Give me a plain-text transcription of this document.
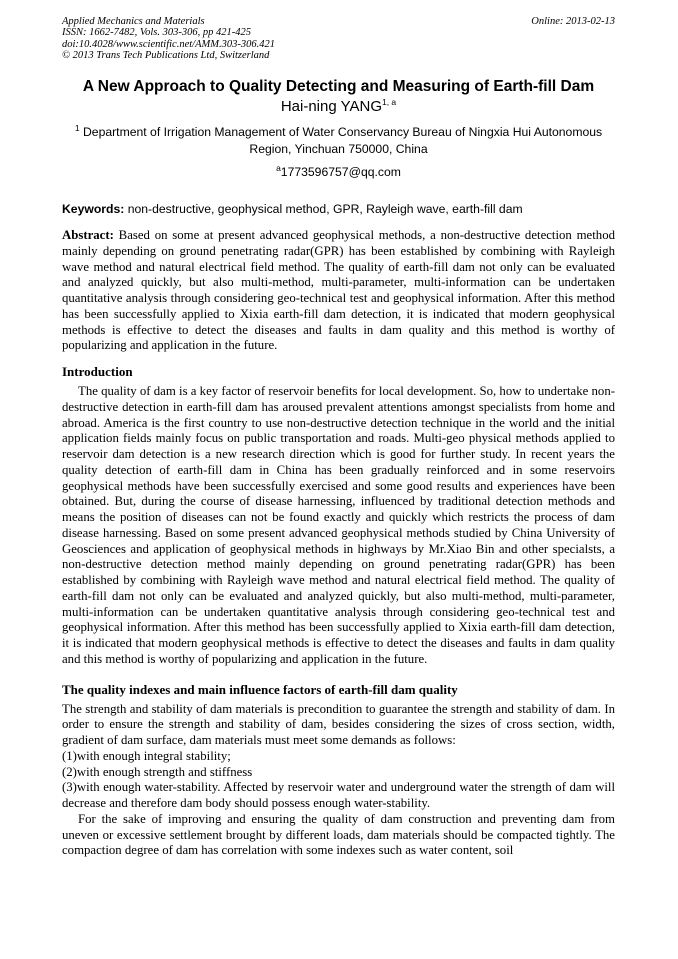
Applied Mechanics and Materials
ISSN: 1662-7482, Vols. 303-306, pp 421-425
doi:10.4028/www.scientific.net/AMM.303-306.421
© 2013 Trans Tech Publications Ltd, Switzerland
Online: 2013-02-13
A New Approach to Quality Detecting and Measuring of Earth-fill Dam
Hai-ning YANG$^{1, a}$
$^1$ Department of Irrigation Management of Water Conservancy Bureau of Ningxia Hui Autonomous Region, Yinchuan 750000, China
$^a$1773596757@qq.com
Keywords: non-destructive, geophysical method, GPR, Rayleigh wave, earth-fill dam
Abstract: Based on some at present advanced geophysical methods, a non-destructive detection method mainly depending on ground penetrating radar(GPR) has been established by combining with Rayleigh wave method and natural electrical field method. The quality of earth-fill dam not only can be evaluated and analyzed quickly, but also multi-method, multi-parameter, multi-information can be undertaken quantitative analysis through considering geo-technical test and geophysical information. After this method has been successfully applied to Xixia earth-fill dam detection, it is indicated that modern geophysical methods is effective to detect the diseases and faults in dam quality and this method is worthy of popularizing and application in the future.
Introduction

The quality of dam is a key factor of reservoir benefits for local development. So, how to undertake non-destructive detection in earth-fill dam has aroused prevalent attentions amongst specialists from home and abroad. America is the first country to use non-destructive detection technique in the world and the initial application fields mainly focus on public transportation and roads. Multi-geo physical methods applied to reservoir dam detection is a new research direction which is good for further study. In recent years the quality detection of earth-fill dam in China has been gradually reinforced and in some reservoirs geophysical methods have been successfully exercised and some good results and experiences have been obtained. But, during the course of disease harnessing, influenced by traditional detection methods and means the position of diseases can not be found exactly and quickly which restricts the process of dam disease harnessing. Based on some present advanced geophysical methods studied by China University of Geosciences and application of geophysical methods in highways by Mr.Xiao Bin and other specialsts, a non-destructive detection method mainly depending on ground penetrating radar(GPR) has been established by combining with Rayleigh wave method and natural electrical field method. The quality of earth-fill dam not only can be evaluated and analyzed quickly, but also multi-method, multi-parameter, multi-information can be undertaken quantitative analysis through considering geo-technical test and geophysical information. After this method has been successfully applied to Xixia earth-fill dam detection, it is indicated that modern geophysical methods is effective to detect the diseases and faults in dam quality and this method is worthy of popularizing and application in the future.

The quality indexes and main influence factors of earth-fill dam quality

The strength and stability of dam materials is precondition to guarantee the strength and stability of dam. In order to ensure the strength and stability of dam, besides considering the sizes of cross section, width, gradient of dam surface, dam materials must meet some demands as follows:

(1)with enough integral stability;
(2)with enough strength and stiffness
(3)with enough water-stability. Affected by reservoir water and underground water the strength of dam will decrease and therefore dam body should possess enough water-stability.

For the sake of improving and ensuring the quality of dam construction and preventing dam from uneven or excessive settlement brought by different loads, dam materials should be compacted tightly. The compaction degree of dam has correlation with some indexes such as water content, soil
